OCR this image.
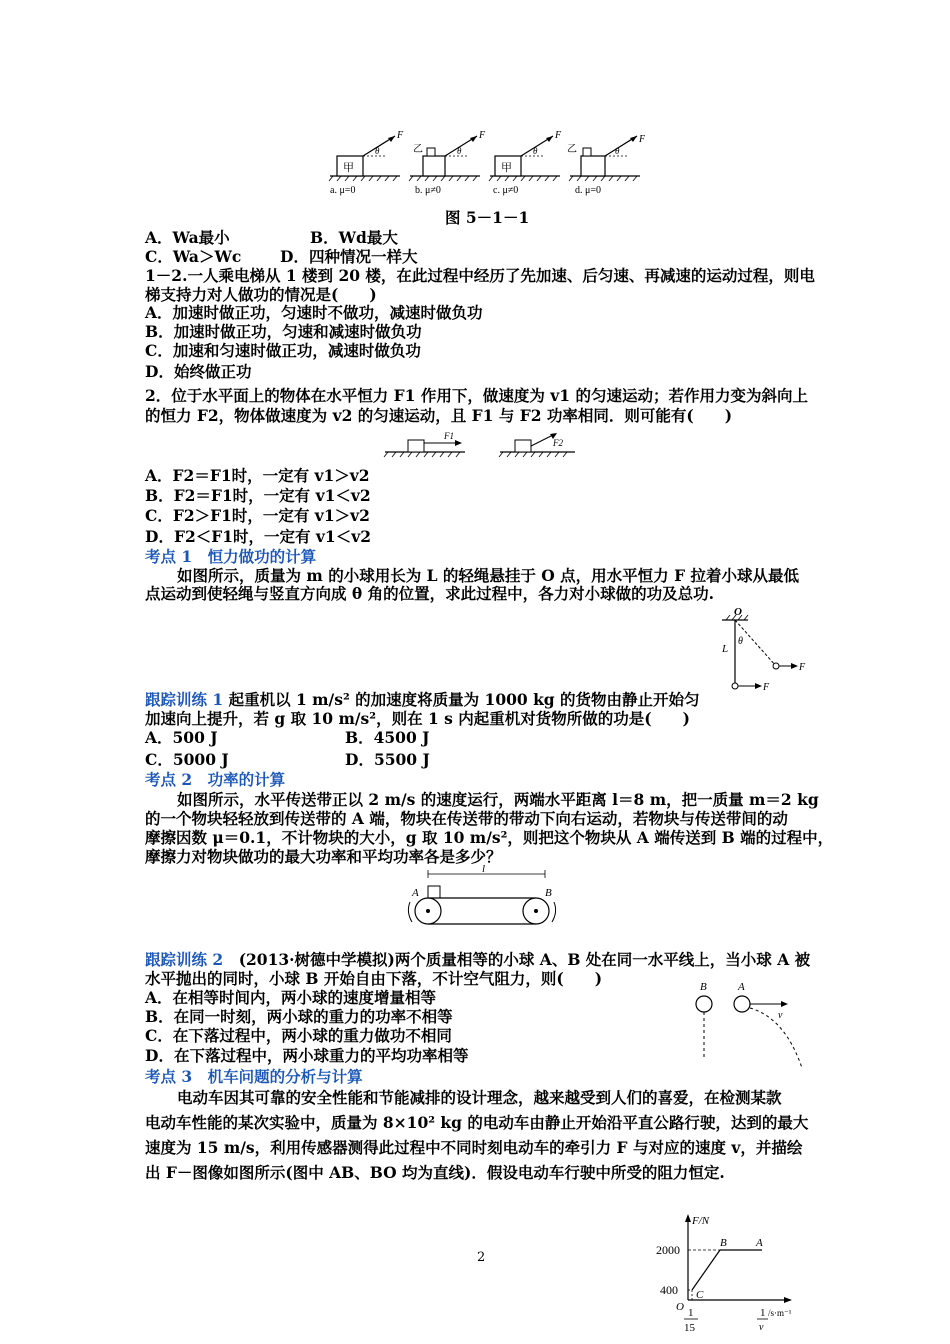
甲
F
θ
a. μ=0
乙
F
θ
b. μ≠0
甲
F
θ
c. μ≠0
乙
F
θ
d. μ=0
图 5－1－1
A．Wa最小	B．Wd最大
C．Wa＞Wc D．四种情况一样大
1－2.一人乘电梯从 1 楼到 20 楼，在此过程中经历了先加速、后匀速、再减速的运动过程，则电
梯支持力对人做功的情况是(　　)
A．加速时做正功，匀速时不做功，减速时做负功
B．加速时做正功，匀速和减速时做负功
C．加速和匀速时做正功，减速时做负功
D．始终做正功
2．位于水平面上的物体在水平恒力 F1 作用下，做速度为 v1 的匀速运动；若作用力变为斜向上
的恒力 F2，物体做速度为 v2 的匀速运动，且 F1 与 F2 功率相同．则可能有(　　)
F1
F2
A．F2＝F1时，一定有 v1＞v2
B．F2＝F1时，一定有 v1＜v2
C．F2＞F1时，一定有 v1＞v2
D．F2＜F1时，一定有 v1＜v2
考点 1　恒力做功的计算
如图所示，质量为 m 的小球用长为 L 的轻绳悬挂于 O 点，用水平恒力 F 拉着小球从最低
点运动到使轻绳与竖直方向成 θ 角的位置，求此过程中，各力对小球做的功及总功.
O
L
θ
F
F
跟踪训练 1 起重机以 1 m/s² 的加速度将质量为 1000 kg 的货物由静止开始匀
加速向上提升，若 g 取 10 m/s²，则在 1 s 内起重机对货物所做的功是(　　)
A．500 J	B．4500 J
C．5000 J	D．5500 J
考点 2　功率的计算
如图所示，水平传送带正以 2 m/s 的速度运行，两端水平距离 l＝8 m，把一质量 m＝2 kg
的一个物块轻轻放到传送带的 A 端，物块在传送带的带动下向右运动，若物块与传送带间的动
摩擦因数 μ＝0.1，不计物块的大小，g 取 10 m/s²，则把这个物块从 A 端传送到 B 端的过程中，
摩擦力对物块做功的最大功率和平均功率各是多少？
A	B
l
跟踪训练 2　(2013·树德中学模拟)两个质量相等的小球 A、B 处在同一水平线上，当小球 A 被
水平抛出的同时，小球 B 开始自由下落，不计空气阻力，则(　　)
A．在相等时间内，两小球的速度增量相等
B．在同一时刻，两小球的重力的功率不相等
C．在下落过程中，两小球的重力做功不相同
D．在下落过程中，两小球重力的平均功率相等
B	A
v
考点 3　机车问题的分析与计算
电动车因其可靠的安全性能和节能减排的设计理念，越来越受到人们的喜爱，在检测某款
电动车性能的某次实验中，质量为 8×10² kg 的电动车由静止开始沿平直公路行驶，达到的最大
速度为 15 m/s，利用传感器测得此过程中不同时刻电动车的牵引力 F 与对应的速度 v，并描绘
出 F－图像如图所示(图中 AB、BO 均为直线)．假设电动车行驶中所受的阻力恒定.
F/N
2000
400
O
B	A
C
1
15
1
v
/s·m⁻¹
2
